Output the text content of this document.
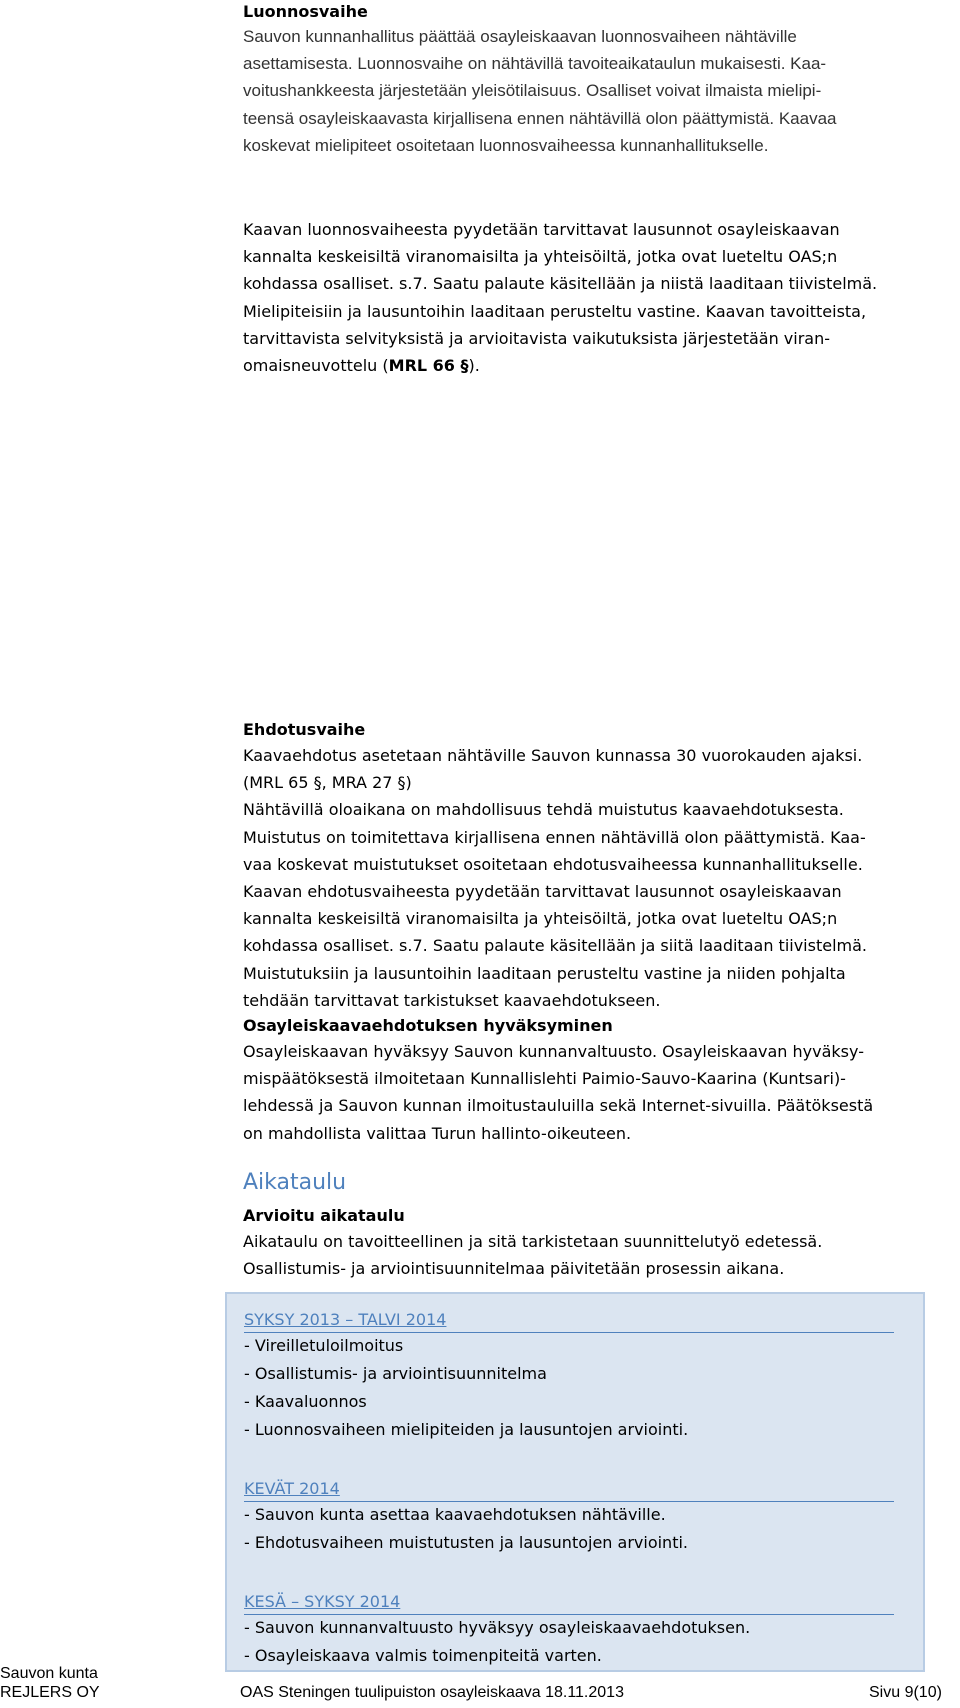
Luonnosvaihe
Sauvon kunnanhallitus päättää osayleiskaavan luonnosvaiheen nähtäville
asettamisesta. Luonnosvaihe on nähtävillä tavoiteaikataulun mukaisesti. Kaa-
voitushankkeesta järjestetään yleisötilaisuus. Osalliset voivat ilmaista mielipi-
teensä osayleiskaavasta kirjallisena ennen nähtävillä olon päättymistä. Kaavaa
koskevat mielipiteet osoitetaan luonnosvaiheessa kunnanhallitukselle.
Kaavan luonnosvaiheesta pyydetään tarvittavat lausunnot osayleiskaavan
kannalta keskeisiltä viranomaisilta ja yhteisöiltä, jotka ovat lueteltu OAS;n
kohdassa osalliset. s.7. Saatu palaute käsitellään ja niistä laaditaan tiivistelmä.
Mielipiteisiin ja lausuntoihin laaditaan perusteltu vastine. Kaavan tavoitteista,
tarvittavista selvityksistä ja arvioitavista vaikutuksista järjestetään viran-
omaisneuvottelu (MRL 66 §).
Ehdotusvaihe
Kaavaehdotus asetetaan nähtäville Sauvon kunnassa 30 vuorokauden ajaksi.
(MRL 65 §, MRA 27 §)
Nähtävillä oloaikana on mahdollisuus tehdä muistutus kaavaehdotuksesta.
Muistutus on toimitettava kirjallisena ennen nähtävillä olon päättymistä. Kaa-
vaa koskevat muistutukset osoitetaan ehdotusvaiheessa kunnanhallitukselle.
Kaavan ehdotusvaiheesta pyydetään tarvittavat lausunnot osayleiskaavan
kannalta keskeisiltä viranomaisilta ja yhteisöiltä, jotka ovat lueteltu OAS;n
kohdassa osalliset. s.7. Saatu palaute käsitellään ja siitä laaditaan tiivistelmä.
Muistutuksiin ja lausuntoihin laaditaan perusteltu vastine ja niiden pohjalta
tehdään tarvittavat tarkistukset kaavaehdotukseen.
Osayleiskaavaehdotuksen hyväksyminen
Osayleiskaavan hyväksyy Sauvon kunnanvaltuusto. Osayleiskaavan hyväksy-
mispäätöksestä ilmoitetaan Kunnallislehti Paimio-Sauvo-Kaarina (Kuntsari)-
lehdessä ja Sauvon kunnan ilmoitustauluilla sekä Internet-sivuilla. Päätöksestä
on mahdollista valittaa Turun hallinto-oikeuteen.
Aikataulu
Arvioitu aikataulu
Aikataulu on tavoitteellinen ja sitä tarkistetaan suunnittelutyö edetessä.
Osallistumis- ja arviointisuunnitelmaa päivitetään prosessin aikana.
SYKSY 2013 – TALVI 2014
- Vireilletuloilmoitus
- Osallistumis- ja arviointisuunnitelma
- Kaavaluonnos
- Luonnosvaiheen mielipiteiden ja lausuntojen arviointi.
KEVÄT 2014
- Sauvon kunta asettaa kaavaehdotuksen nähtäville.
- Ehdotusvaiheen muistutusten ja lausuntojen arviointi.
KESÄ – SYKSY 2014
- Sauvon kunnanvaltuusto hyväksyy osayleiskaavaehdotuksen.
- Osayleiskaava valmis toimenpiteitä varten.
Sauvon kunta
REJLERS OY	OAS Steningen tuulipuiston osayleiskaava 18.11.2013	Sivu 9(10)
